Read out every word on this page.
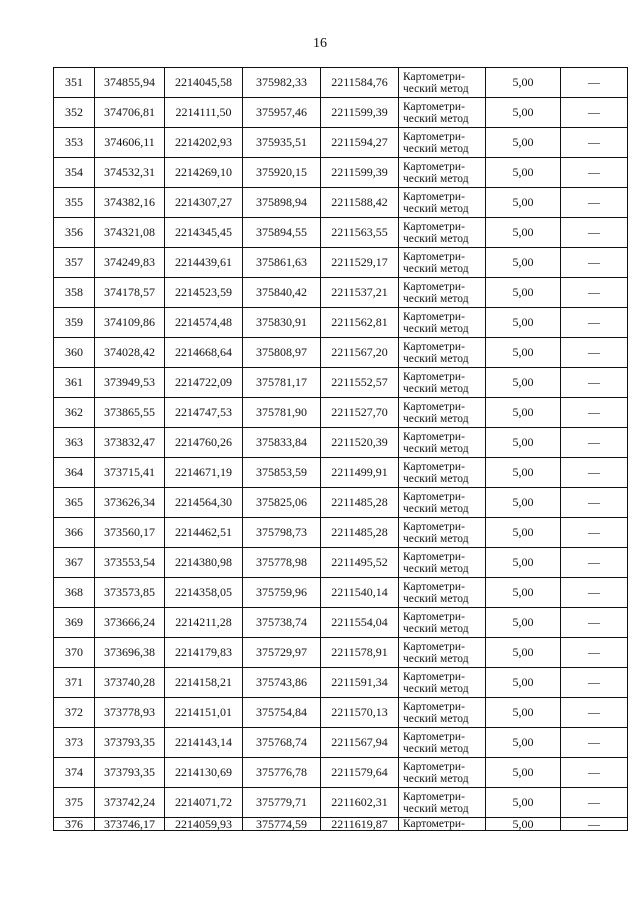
16
351	374855,94	2214045,58	375982,33	2211584,76	Картометри-ческий метод	5,00	—
352	374706,81	2214111,50	375957,46	2211599,39	Картометри-ческий метод	5,00	—
353	374606,11	2214202,93	375935,51	2211594,27	Картометри-ческий метод	5,00	—
354	374532,31	2214269,10	375920,15	2211599,39	Картометри-ческий метод	5,00	—
355	374382,16	2214307,27	375898,94	2211588,42	Картометри-ческий метод	5,00	—
356	374321,08	2214345,45	375894,55	2211563,55	Картометри-ческий метод	5,00	—
357	374249,83	2214439,61	375861,63	2211529,17	Картометри-ческий метод	5,00	—
358	374178,57	2214523,59	375840,42	2211537,21	Картометри-ческий метод	5,00	—
359	374109,86	2214574,48	375830,91	2211562,81	Картометри-ческий метод	5,00	—
360	374028,42	2214668,64	375808,97	2211567,20	Картометри-ческий метод	5,00	—
361	373949,53	2214722,09	375781,17	2211552,57	Картометри-ческий метод	5,00	—
362	373865,55	2214747,53	375781,90	2211527,70	Картометри-ческий метод	5,00	—
363	373832,47	2214760,26	375833,84	2211520,39	Картометри-ческий метод	5,00	—
364	373715,41	2214671,19	375853,59	2211499,91	Картометри-ческий метод	5,00	—
365	373626,34	2214564,30	375825,06	2211485,28	Картометри-ческий метод	5,00	—
366	373560,17	2214462,51	375798,73	2211485,28	Картометри-ческий метод	5,00	—
367	373553,54	2214380,98	375778,98	2211495,52	Картометри-ческий метод	5,00	—
368	373573,85	2214358,05	375759,96	2211540,14	Картометри-ческий метод	5,00	—
369	373666,24	2214211,28	375738,74	2211554,04	Картометри-ческий метод	5,00	—
370	373696,38	2214179,83	375729,97	2211578,91	Картометри-ческий метод	5,00	—
371	373740,28	2214158,21	375743,86	2211591,34	Картометри-ческий метод	5,00	—
372	373778,93	2214151,01	375754,84	2211570,13	Картометри-ческий метод	5,00	—
373	373793,35	2214143,14	375768,74	2211567,94	Картометри-ческий метод	5,00	—
374	373793,35	2214130,69	375776,78	2211579,64	Картометри-ческий метод	5,00	—
375	373742,24	2214071,72	375779,71	2211602,31	Картометри-ческий метод	5,00	—
376	373746,17	2214059,93	375774,59	2211619,87	Картометри-	5,00	—
